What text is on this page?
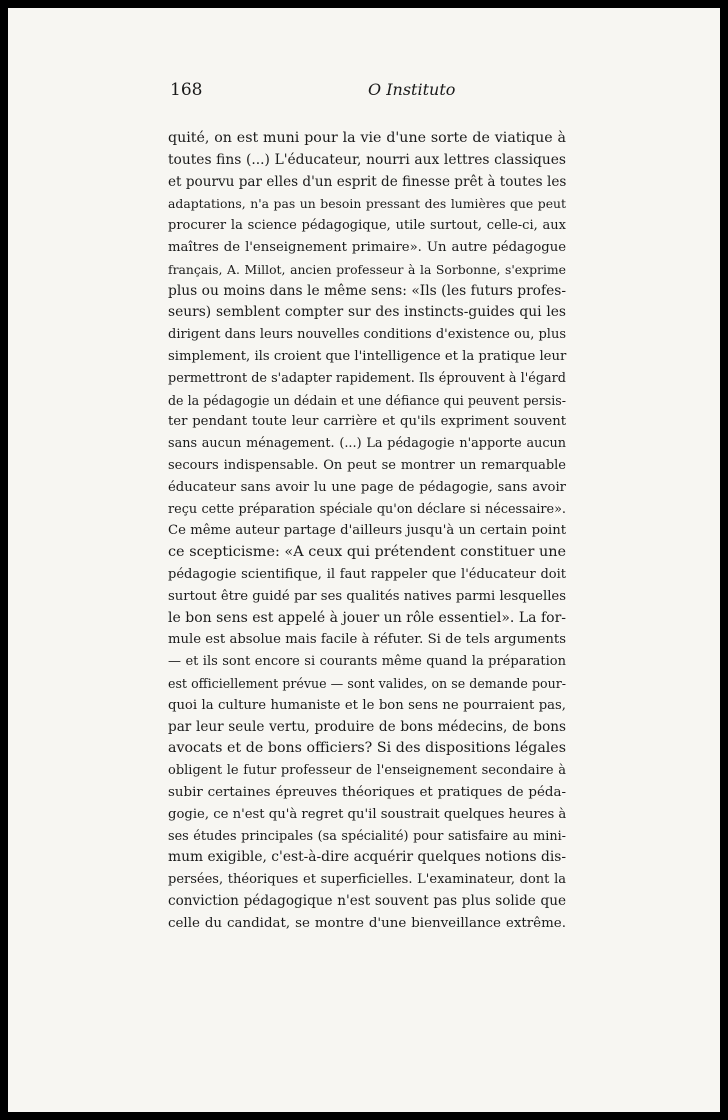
168	O Instituto
quité, on est muni pour la vie d'une sorte de viatique à
toutes fins (...) L'éducateur, nourri aux lettres classiques
et pourvu par elles d'un esprit de finesse prêt à toutes les
adaptations, n'a pas un besoin pressant des lumières que peut
procurer la science pédagogique, utile surtout, celle-ci, aux
maîtres de l'enseignement primaire». Un autre pédagogue
français, A. Millot, ancien professeur à la Sorbonne, s'exprime
plus ou moins dans le même sens: «Ils (les futurs profes-
seurs) semblent compter sur des instincts-guides qui les
dirigent dans leurs nouvelles conditions d'existence ou, plus
simplement, ils croient que l'intelligence et la pratique leur
permettront de s'adapter rapidement. Ils éprouvent à l'égard
de la pédagogie un dédain et une défiance qui peuvent persis-
ter pendant toute leur carrière et qu'ils expriment souvent
sans aucun ménagement. (...) La pédagogie n'apporte aucun
secours indispensable. On peut se montrer un remarquable
éducateur sans avoir lu une page de pédagogie, sans avoir
reçu cette préparation spéciale qu'on déclare si nécessaire».
Ce même auteur partage d'ailleurs jusqu'à un certain point
ce scepticisme: «A ceux qui prétendent constituer une
pédagogie scientifique, il faut rappeler que l'éducateur doit
surtout être guidé par ses qualités natives parmi lesquelles
le bon sens est appelé à jouer un rôle essentiel». La for-
mule est absolue mais facile à réfuter. Si de tels arguments
— et ils sont encore si courants même quand la préparation
est officiellement prévue — sont valides, on se demande pour-
quoi la culture humaniste et le bon sens ne pourraient pas,
par leur seule vertu, produire de bons médecins, de bons
avocats et de bons officiers? Si des dispositions légales
obligent le futur professeur de l'enseignement secondaire à
subir certaines épreuves théoriques et pratiques de péda-
gogie, ce n'est qu'à regret qu'il soustrait quelques heures à
ses études principales (sa spécialité) pour satisfaire au mini-
mum exigible, c'est-à-dire acquérir quelques notions dis-
persées, théoriques et superficielles. L'examinateur, dont la
conviction pédagogique n'est souvent pas plus solide que
celle du candidat, se montre d'une bienveillance extrême.
